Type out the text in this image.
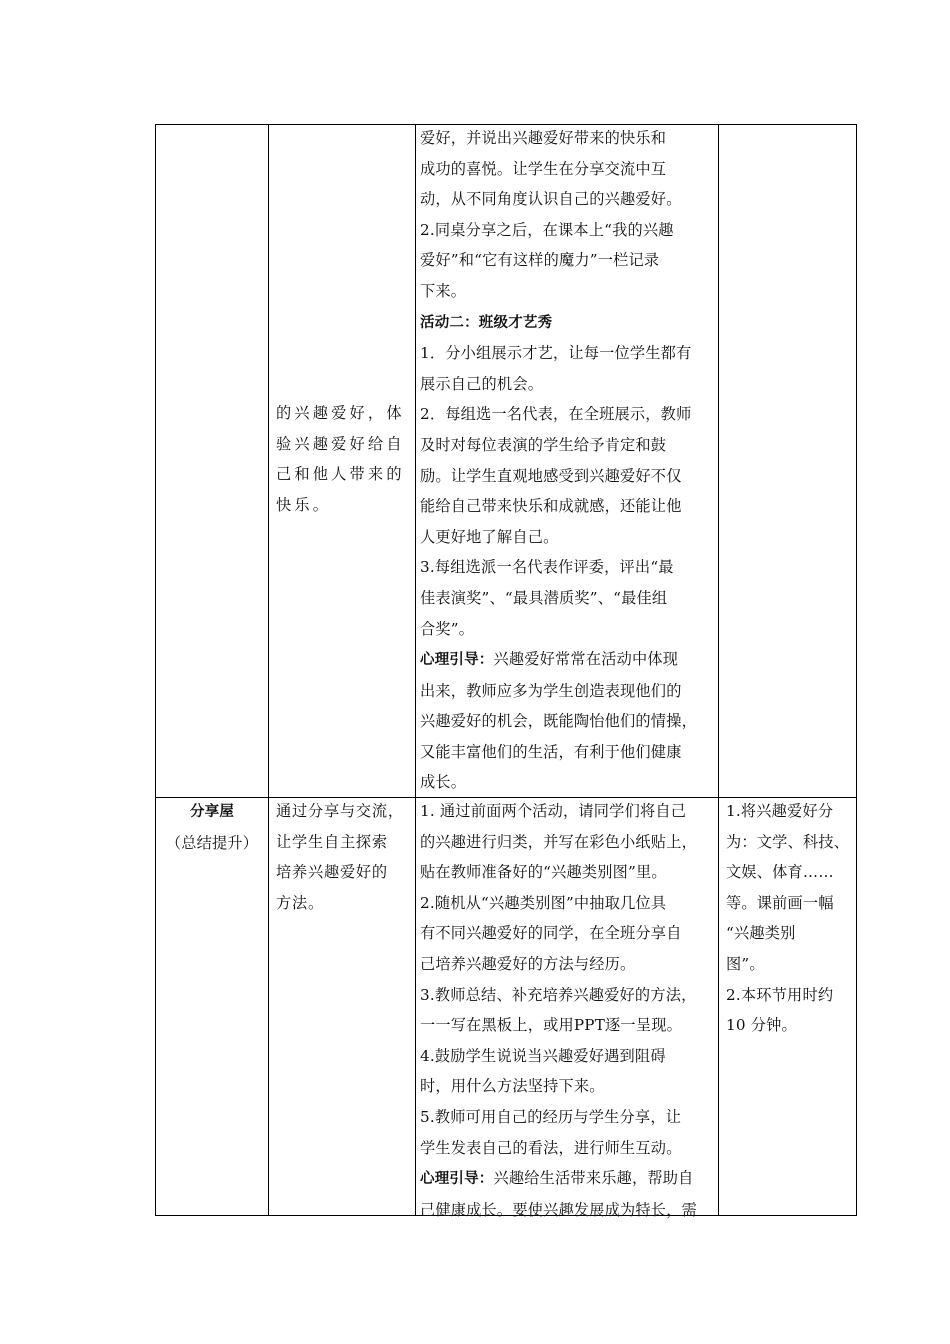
的兴趣爱好，体

验兴趣爱好给自

己和他人带来的

快乐。

爱好，并说出兴趣爱好带来的快乐和

成功的喜悦。让学生在分享交流中互

动，从不同角度认识自己的兴趣爱好。

2.同桌分享之后，在课本上“我的兴趣

爱好”和“它有这样的魔力”一栏记录

下来。

活动二：班级才艺秀

1．分小组展示才艺，让每一位学生都有

展示自己的机会。

2．每组选一名代表，在全班展示，教师

及时对每位表演的学生给予肯定和鼓

励。让学生直观地感受到兴趣爱好不仅

能给自己带来快乐和成就感，还能让他

人更好地了解自己。

3.每组选派一名代表作评委，评出“最

佳表演奖”、“最具潜质奖”、“最佳组

合奖”。

心理引导：兴趣爱好常常在活动中体现

出来，教师应多为学生创造表现他们的

兴趣爱好的机会，既能陶怡他们的情操，

又能丰富他们的生活，有利于他们健康

成长。

分享屋

（总结提升）

通过分享与交流，

让学生自主探索

培养兴趣爱好的

方法。

1. 通过前面两个活动，请同学们将自己

的兴趣进行归类，并写在彩色小纸贴上，

贴在教师准备好的“兴趣类别图”里。

2.随机从“兴趣类别图”中抽取几位具

有不同兴趣爱好的同学，在全班分享自

己培养兴趣爱好的方法与经历。

3.教师总结、补充培养兴趣爱好的方法，

一一写在黑板上，或用PPT逐一呈现。

4.鼓励学生说说当兴趣爱好遇到阻碍

时，用什么方法坚持下来。

5.教师可用自己的经历与学生分享，让

学生发表自己的看法，进行师生互动。

心理引导：兴趣给生活带来乐趣，帮助自

己健康成长。要使兴趣发展成为特长，需

1.将兴趣爱好分

为：文学、科技、

文娱、体育……

等。课前画一幅

“兴趣类别

图”。

2.本环节用时约

10 分钟。
